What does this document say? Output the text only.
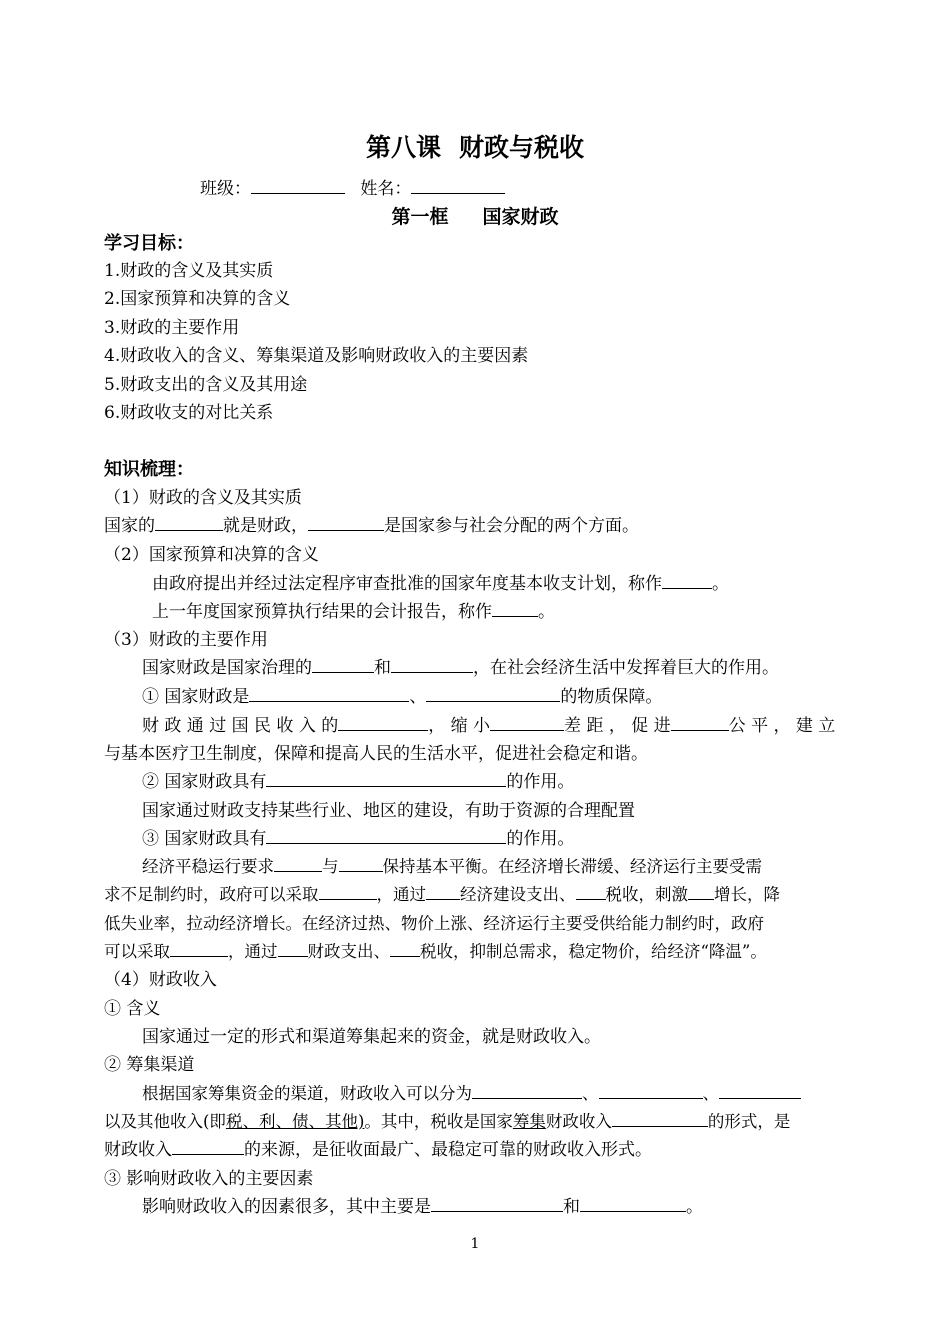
第八课 财政与税收
班级：	姓名：
第一框 国家财政
学习目标：
1.财政的含义及其实质
2.国家预算和决算的含义
3.财政的主要作用
4.财政收入的含义、筹集渠道及影响财政收入的主要因素
5.财政支出的含义及其用途
6.财政收支的对比关系
知识梳理：
（1）财政的含义及其实质
国家的	就是财政，	是国家参与社会分配的两个方面。
（2）国家预算和决算的含义
由政府提出并经过法定程序审查批准的国家年度基本收支计划，称作	。
上一年度国家预算执行结果的会计报告，称作	。
（3）财政的主要作用
国家财政是国家治理的	和	，在社会经济生活中发挥着巨大的作用。
① 国家财政是	、	的物质保障。
财 政 通 过 国 民 收 入 的	， 缩 小	差 距 ， 促 进	公 平 ， 建 立
与基本医疗卫生制度，保障和提高人民的生活水平，促进社会稳定和谐。
② 国家财政具有	的作用。
国家通过财政支持某些行业、地区的建设，有助于资源的合理配置
③ 国家财政具有	的作用。
经济平稳运行要求	与	保持基本平衡。在经济增长滞缓、经济运行主要受需
求不足制约时，政府可以采取	，通过 经济建设支出、 税收，刺激 增长，降
低失业率，拉动经济增长。在经济过热、物价上涨、经济运行主要受供给能力制约时，政府
可以采取	，通过 财政支出、 税收，抑制总需求，稳定物价，给经济“降温”。
（4）财政收入
① 含义
国家通过一定的形式和渠道筹集起来的资金，就是财政收入。
② 筹集渠道
根据国家筹集资金的渠道，财政收入可以分为	、	、
以及其他收入(即税、利、债、其他)。其中，税收是国家筹集财政收入	的形式，是
财政收入	的来源，是征收面最广、最稳定可靠的财政收入形式。
③ 影响财政收入的主要因素
影响财政收入的因素很多，其中主要是	和	。
1
